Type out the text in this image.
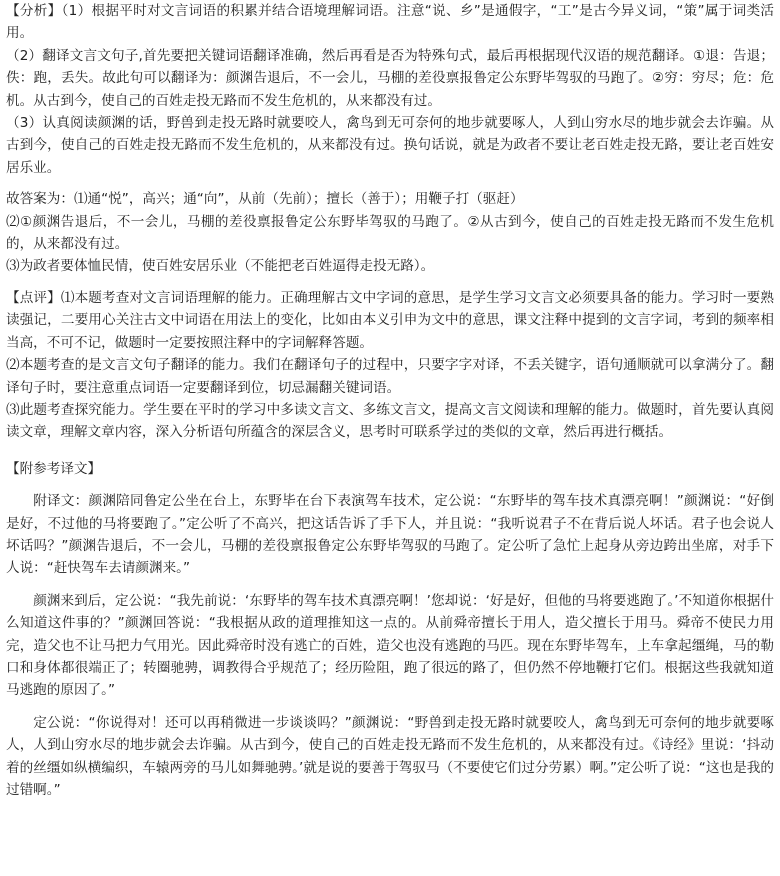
【分析】（1）根据平时对文言词语的积累并结合语境理解词语。注意“说、乡”是通假字，“工”是古今异义词，“策”属于词类活用。

（2）翻译文言文句子,首先要把关键词语翻译准确，然后再看是否为特殊句式，最后再根据现代汉语的规范翻译。①退：告退；佚：跑，丢失。故此句可以翻译为：颜渊告退后，不一会儿，马棚的差役禀报鲁定公东野毕驾驭的马跑了。②穷：穷尽；危：危机。从古到今，使自己的百姓走投无路而不发生危机的，从来都没有过。

（3）认真阅读颜渊的话，野兽到走投无路时就要咬人，禽鸟到无可奈何的地步就要啄人，人到山穷水尽的地步就会去诈骗。从古到今，使自己的百姓走投无路而不发生危机的，从来都没有过。换句话说，就是为政者不要让老百姓走投无路，要让老百姓安居乐业。

故答案为：⑴通“悦”，高兴；通“向”，从前（先前）；擅长（善于）；用鞭子打（驱赶）

⑵①颜渊告退后，不一会儿，马棚的差役禀报鲁定公东野毕驾驭的马跑了。②从古到今，使自己的百姓走投无路而不发生危机的，从来都没有过。

⑶为政者要体恤民情，使百姓安居乐业（不能把老百姓逼得走投无路）。

【点评】⑴本题考查对文言词语理解的能力。正确理解古文中字词的意思，是学生学习文言文必须要具备的能力。学习时一要熟读强记，二要用心关注古文中词语在用法上的变化，比如由本义引申为文中的意思，课文注释中提到的文言字词，考到的频率相当高，不可不记，做题时一定要按照注释中的字词解释答题。

⑵本题考查的是文言文句子翻译的能力。我们在翻译句子的过程中，只要字字对译，不丢关键字，语句通顺就可以拿满分了。翻译句子时，要注意重点词语一定要翻译到位，切忌漏翻关键词语。

⑶此题考查探究能力。学生要在平时的学习中多读文言文、多练文言文，提高文言文阅读和理解的能力。做题时，首先要认真阅读文章，理解文章内容，深入分析语句所蕴含的深层含义，思考时可联系学过的类似的文章，然后再进行概括。

【附参考译文】

附译文：颜渊陪同鲁定公坐在台上，东野毕在台下表演驾车技术，定公说：“东野毕的驾车技术真漂亮啊！”颜渊说：“好倒是好，不过他的马将要跑了。”定公听了不高兴，把这话告诉了手下人，并且说：“我听说君子不在背后说人坏话。君子也会说人坏话吗？”颜渊告退后，不一会儿，马棚的差役禀报鲁定公东野毕驾驭的马跑了。定公听了急忙上起身从旁边跨出坐席，对手下人说：“赶快驾车去请颜渊来。”

颜渊来到后，定公说：“我先前说：‘东野毕的驾车技术真漂亮啊！’您却说：‘好是好，但他的马将要逃跑了。’不知道你根据什么知道这件事的？”颜渊回答说：“我根据从政的道理推知这一点的。从前舜帝擅长于用人，造父擅长于用马。舜帝不使民力用完，造父也不让马把力气用光。因此舜帝时没有逃亡的百姓，造父也没有逃跑的马匹。现在东野毕驾车，上车拿起缰绳，马的勒口和身体都很端正了；转圈驰骋，调教得合乎规范了；经历险阻，跑了很远的路了，但仍然不停地鞭打它们。根据这些我就知道马逃跑的原因了。”

定公说：“你说得对！还可以再稍微进一步谈谈吗？”颜渊说：“野兽到走投无路时就要咬人，禽鸟到无可奈何的地步就要啄人，人到山穷水尽的地步就会去诈骗。从古到今，使自己的百姓走投无路而不发生危机的，从来都没有过。《诗经》里说：‘抖动着的丝缰如纵横编织，车辕两旁的马儿如舞驰骋。’就是说的要善于驾驭马（不要使它们过分劳累）啊。”定公听了说：“这也是我的过错啊。”
